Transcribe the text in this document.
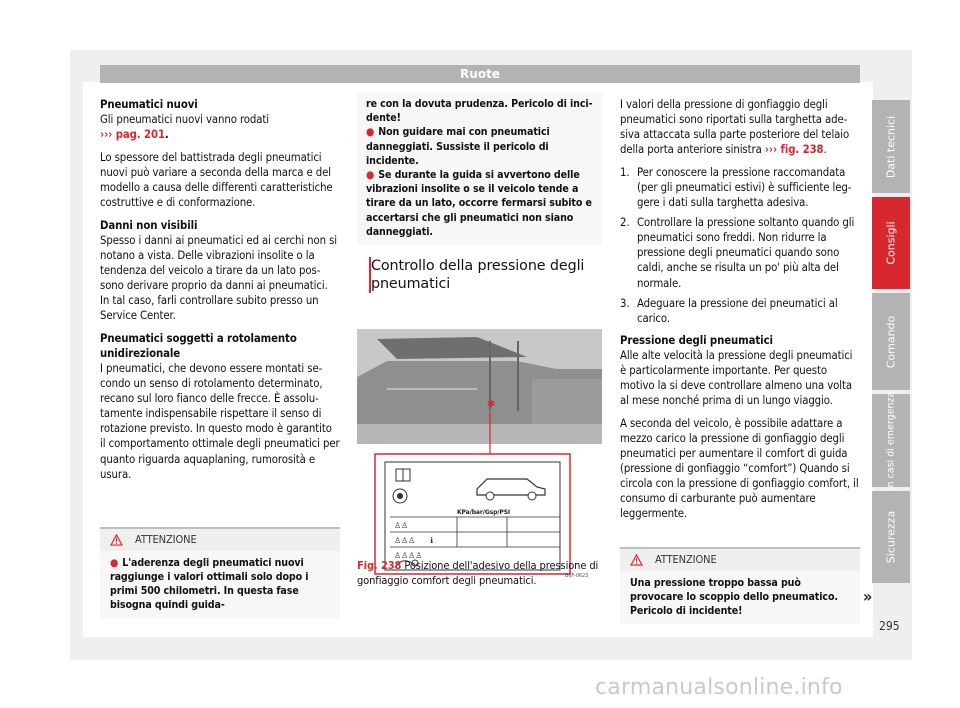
Ruote

Pneumatici nuovi
Gli pneumatici nuovi vanno rodati
››› pag. 201.

Lo spessore del battistrada degli pneumatici nuovi può variare a seconda della marca e del modello a causa delle differenti caratteristiche costruttive e di conformazione.

Danni non visibili
Spesso i danni ai pneumatici ed ai cerchi non si notano a vista. Delle vibrazioni insolite o la tendenza del veicolo a tirare da un lato possono derivare proprio da danni ai pneumatici. In tal caso, farli controllare subito presso un Service Center.

Pneumatici soggetti a rotolamento unidirezionale
I pneumatici, che devono essere montati secondo un senso di rotolamento determinato, recano sul loro fianco delle frecce. È assolutamente indispensabile rispettare il senso di rotazione previsto. In questo modo è garantito il comportamento ottimale degli pneumatici per quanto riguarda aquaplaning, rumorosità e usura.

ATTENZIONE
● L'aderenza degli pneumatici nuovi raggiunge i valori ottimali solo dopo i primi 500 chilometri. In questa fase bisogna quindi guida-
re con la dovuta prudenza. Pericolo di incidente!
● Non guidare mai con pneumatici danneggiati. Sussiste il pericolo di incidente.
● Se durante la guida si avvertono delle vibrazioni insolite o se il veicolo tende a tirare da un lato, occorre fermarsi subito e accertarsi che gli pneumatici non siano danneggiati.
Controllo della pressione degli pneumatici
✱
KPa/bar/Gsp/PSI
♙♙
♙♙♙
♙♙♙♙
ℹ
B6F-0623
Fig. 238 Posizione dell'adesivo della pressione di gonfiaggio comfort degli pneumatici.

I valori della pressione di gonfiaggio degli pneumatici sono riportati sulla targhetta adesiva attaccata sulla parte posteriore del telaio della porta anteriore sinistra ››› fig. 238.

1. Per conoscere la pressione raccomandata (per gli pneumatici estivi) è sufficiente leggere i dati sulla targhetta adesiva.
2. Controllare la pressione soltanto quando gli pneumatici sono freddi. Non ridurre la pressione degli pneumatici quando sono caldi, anche se risulta un po' più alta del normale.
3. Adeguare la pressione dei pneumatici al carico.

Pressione degli pneumatici
Alle alte velocità la pressione degli pneumatici è particolarmente importante. Per questo motivo la si deve controllare almeno una volta al mese nonché prima di un lungo viaggio.

A seconda del veicolo, è possibile adattare a mezzo carico la pressione di gonfiaggio degli pneumatici per aumentare il comfort di guida (pressione di gonfiaggio “comfort”) Quando si circola con la pressione di gonfiaggio comfort, il consumo di carburante può aumentare leggermente.

ATTENZIONE
Una pressione troppo bassa può provocare lo scoppio dello pneumatico. Pericolo di incidente!
»
295
Dati tecnici
Consigli
Comando
In casi di emergenza
Sicurezza
carmanualsonline.info
